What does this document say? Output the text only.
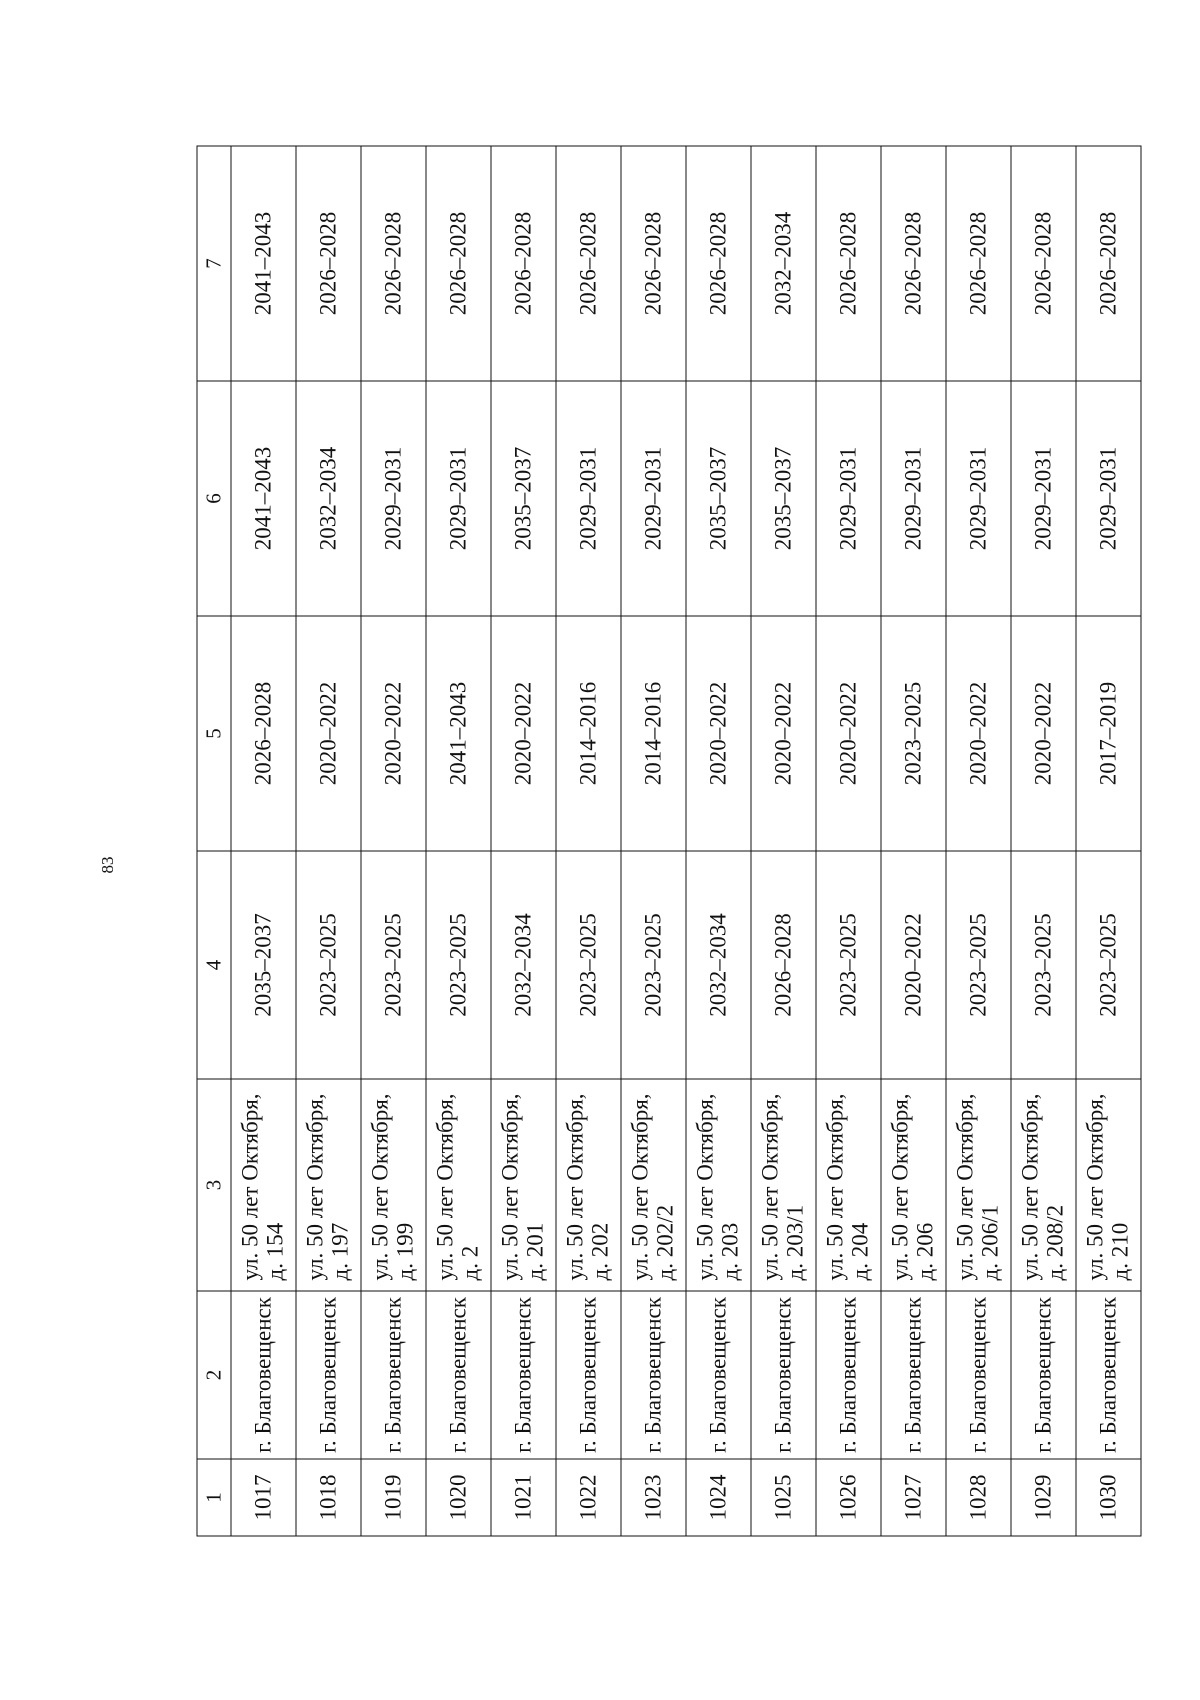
83
1	2	3	4	5	6	7
1017	г. Благовещенск	ул. 50 лет Октября, д. 154	2035–2037	2026–2028	2041–2043	2041–2043
1018	г. Благовещенск	ул. 50 лет Октября, д. 197	2023–2025	2020–2022	2032–2034	2026–2028
1019	г. Благовещенск	ул. 50 лет Октября, д. 199	2023–2025	2020–2022	2029–2031	2026–2028
1020	г. Благовещенск	ул. 50 лет Октября, д. 2	2023–2025	2041–2043	2029–2031	2026–2028
1021	г. Благовещенск	ул. 50 лет Октября, д. 201	2032–2034	2020–2022	2035–2037	2026–2028
1022	г. Благовещенск	ул. 50 лет Октября, д. 202	2023–2025	2014–2016	2029–2031	2026–2028
1023	г. Благовещенск	ул. 50 лет Октября, д. 202/2	2023–2025	2014–2016	2029–2031	2026–2028
1024	г. Благовещенск	ул. 50 лет Октября, д. 203	2032–2034	2020–2022	2035–2037	2026–2028
1025	г. Благовещенск	ул. 50 лет Октября, д. 203/1	2026–2028	2020–2022	2035–2037	2032–2034
1026	г. Благовещенск	ул. 50 лет Октября, д. 204	2023–2025	2020–2022	2029–2031	2026–2028
1027	г. Благовещенск	ул. 50 лет Октября, д. 206	2020–2022	2023–2025	2029–2031	2026–2028
1028	г. Благовещенск	ул. 50 лет Октября, д. 206/1	2023–2025	2020–2022	2029–2031	2026–2028
1029	г. Благовещенск	ул. 50 лет Октября, д. 208/2	2023–2025	2020–2022	2029–2031	2026–2028
1030	г. Благовещенск	ул. 50 лет Октября, д. 210	2023–2025	2017–2019	2029–2031	2026–2028
